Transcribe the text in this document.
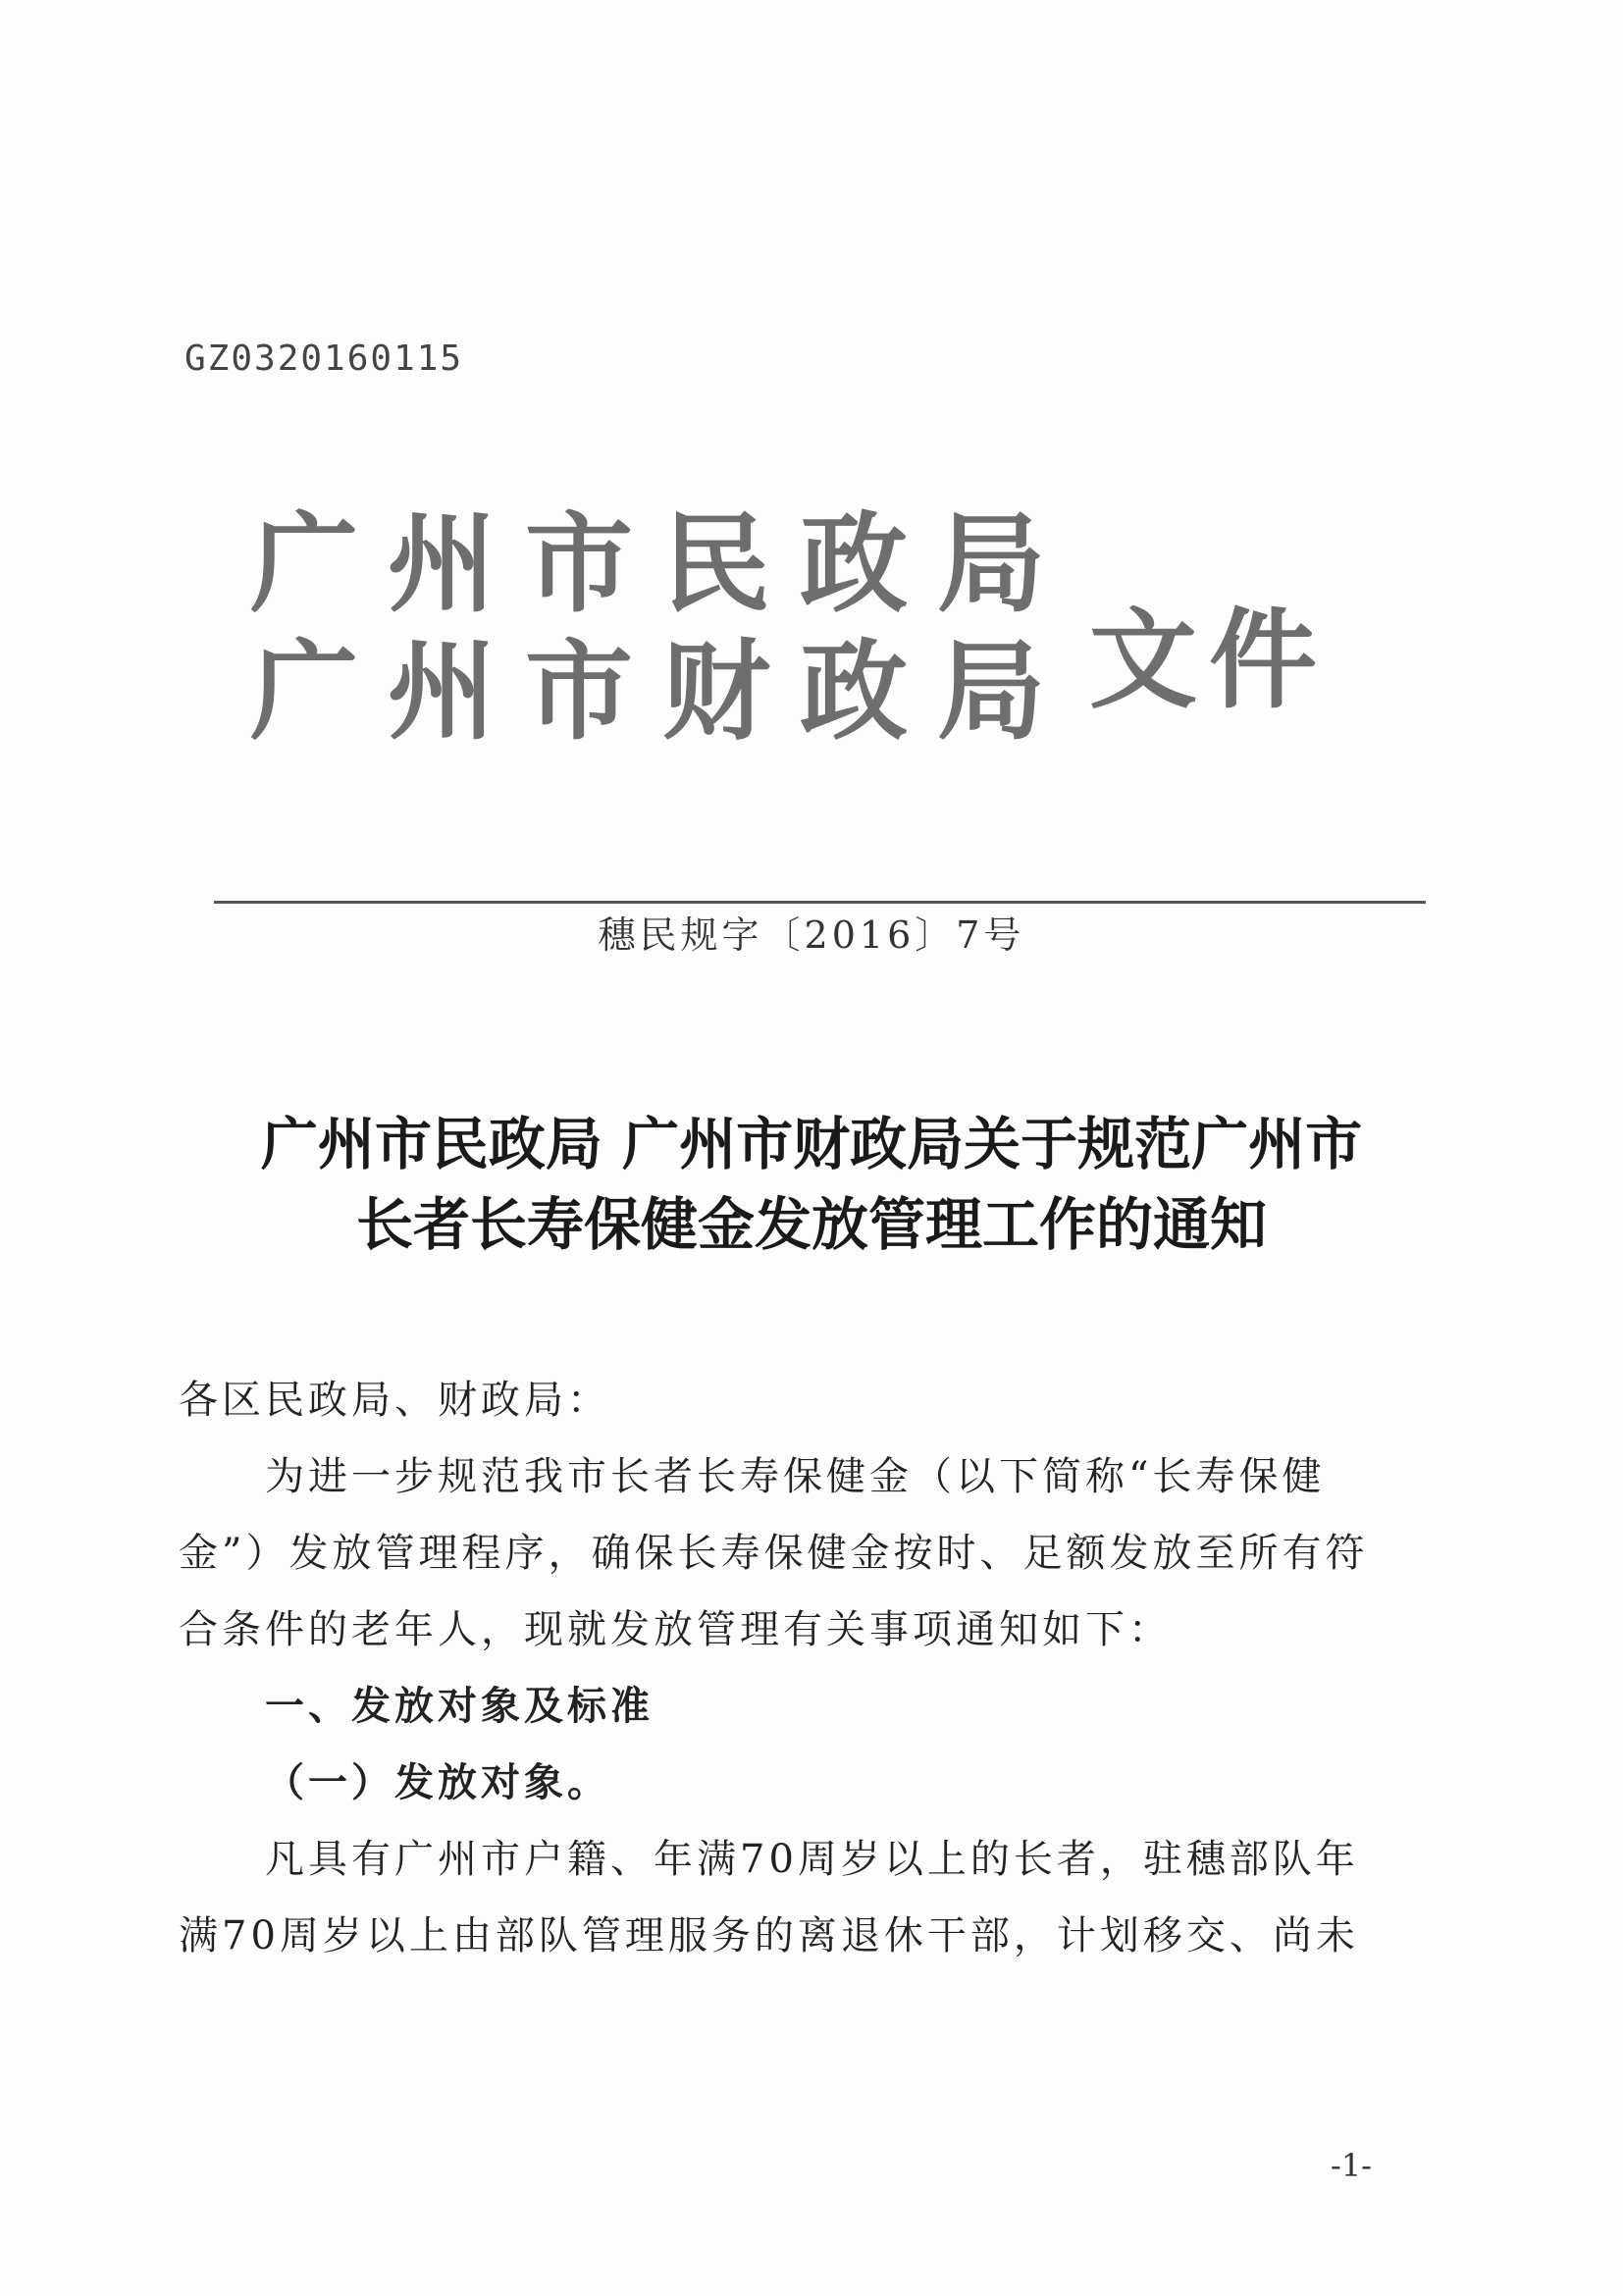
GZ0320160115
广州市民政局
广州市财政局 文件
穗民规字〔2016〕7号
广州市民政局 广州市财政局关于规范广州市
长者长寿保健金发放管理工作的通知

各区民政局、财政局：

为进一步规范我市长者长寿保健金（以下简称“长寿保健

金”）发放管理程序，确保长寿保健金按时、足额发放至所有符

合条件的老年人，现就发放管理有关事项通知如下：

一、发放对象及标准

（一）发放对象。

凡具有广州市户籍、年满70周岁以上的长者，驻穗部队年

满70周岁以上由部队管理服务的离退休干部，计划移交、尚未

-1-
